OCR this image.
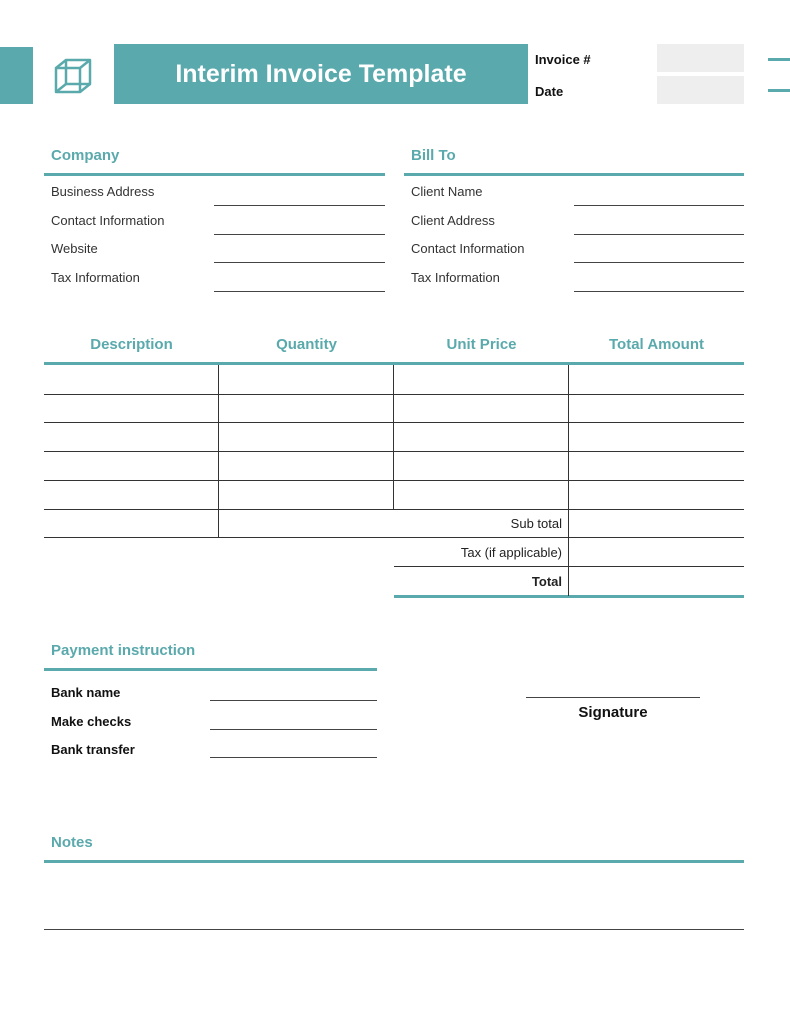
Interim Invoice Template	Invoice #
Date
Company
Business Address
Contact Information
Website
Tax Information
Bill To
Client Name
Client Address
Contact Information
Tax Information
Description	Quantity	Unit Price	Total Amount
Sub total
Tax (if applicable)
Total
Payment instruction
Bank name
Make checks
Bank transfer
Signature
Notes
